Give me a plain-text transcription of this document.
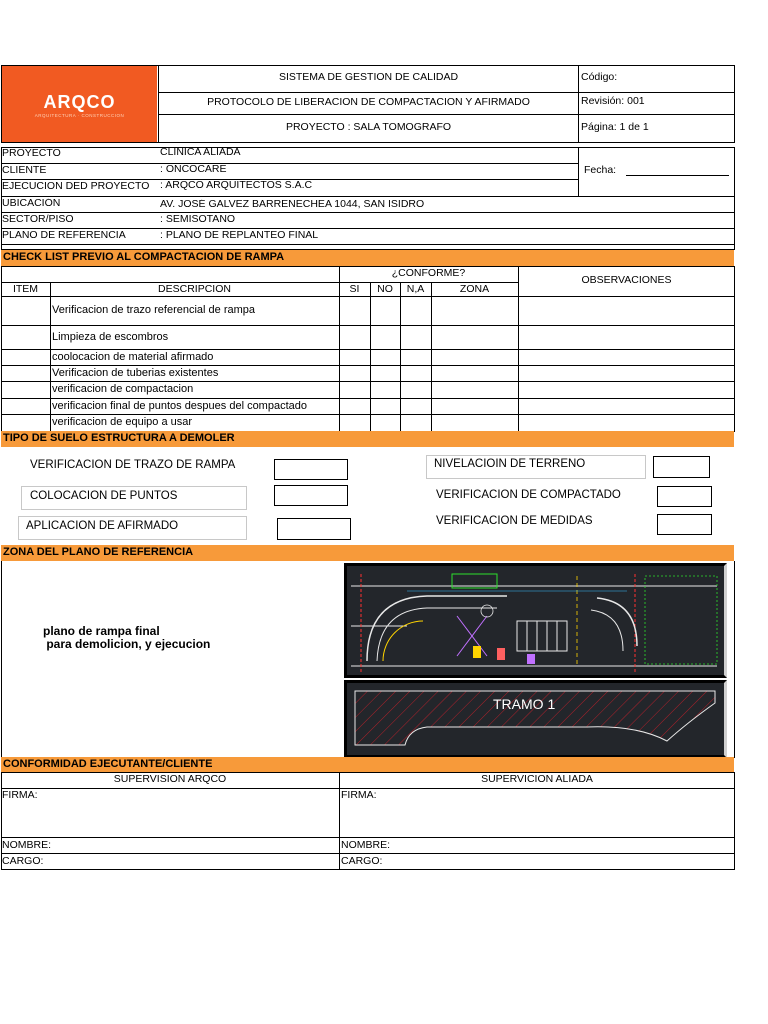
ARQCO
ARQUITECTURA · CONSTRUCCION
SISTEMA DE GESTION DE CALIDAD
PROTOCOLO DE LIBERACION DE COMPACTACION Y AFIRMADO
PROYECTO : SALA TOMOGRAFO
Código:
Revisión: 001
Página: 1 de 1
PROYECTO	CLINICA ALIADA
CLIENTE	: ONCOCARE
EJECUCION DED PROYECTO : ARQCO ARQUITECTOS S.A.C
UBICACIÓN	AV. JOSÉ GALVEZ BARRENECHEA 1044, SAN ISIDRO
SECTOR/PISO	: SEMISOTANO
PLANO DE REFERENCIA	: PLANO DE REPLANTEO FINAL
Fecha:
CHECK LIST PREVIO AL COMPACTACION DE RAMPA
¿CONFORME?
OBSERVACIONES
ITEM	DESCRIPCION	SI	NO	N,A	ZONA
Verificacion de trazo referencial de rampa
Limpieza de escombros
coolocacion de material afirmado
Verificacion de tuberias existentes
verificacion de compactacion
verificacion final de puntos despues del compactado
verificacion de equipo a usar
TIPO DE SUELO ESTRUCTURA A DEMOLER
VERIFICACION DE TRAZO DE RAMPA
COLOCACION DE PUNTOS
APLICACION DE AFIRMADO
NIVELACIOIN DE TERRENO
VERIFICACION DE COMPACTADO
VERIFICACION DE MEDIDAS
ZONA DEL PLANO DE REFERENCIA
plano de rampa final
para demolicion, y ejecucion
TRAMO 1
CONFORMIDAD EJECUTANTE/CLIENTE
SUPERVISION ARQCO	SUPERVICION ALIADA
FIRMA:	FIRMA:
NOMBRE:	NOMBRE:
CARGO:	CARGO:
